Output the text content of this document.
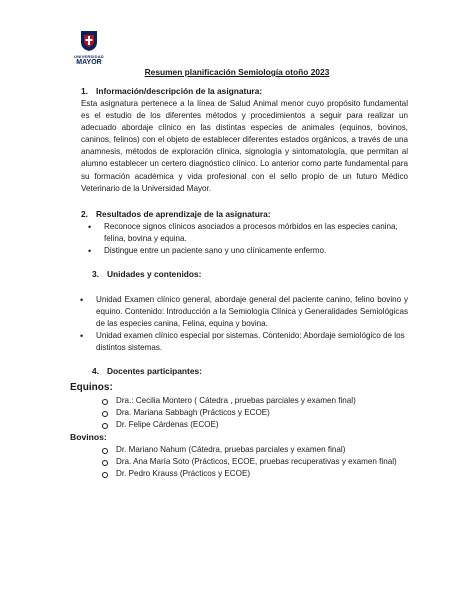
UNIVERSIDAD
MAYOR
Resumen planificación Semiología otoño 2023
1. Información/descripción de la asignatura:
Esta asignatura pertenece a la línea de Salud Animal menor cuyo propósito fundamental es el estudio de los diferentes métodos y procedimientos a seguir para realizar un adecuado abordaje clínico en las distintas especies de animales (equinos, bovinos, caninos, felinos) con el objeto de establecer diferentes estados orgánicos, a través de una anamnesis, métodos de exploración clínica, signología y sintomatología, que permitan al alumno establecer un certero diagnóstico clínico. Lo anterior como parte fundamental para su formación académica y vida profesional con el sello propio de un futuro Médico Veterinario de la Universidad Mayor.
2. Resultados de aprendizaje de la asignatura:
• Reconoce signos clínicos asociados a procesos mórbidos en las especies canina, felina, bovina y equina.
• Distingue entre un paciente sano y uno clínicamente enfermo.
3. Unidades y contenidos:
• Unidad Examen clínico general, abordaje general del paciente canino, felino bovino y equino. Contenido: Introducción a la Semiología Clínica y Generalidades Semiológicas de las especies canina, Felina, equina y bovina.
• Unidad examen clínico especial por sistemas. Contenido: Abordaje semiológico de los distintos sistemas.
4. Docentes participantes:
Equinos:
Dra.: Cecilia Montero ( Cátedra , pruebas parciales y examen final)
Dra. Mariana Sabbagh (Prácticos y ECOE)
Dr. Felipe Cárdenas (ECOE)
Bovinos:
Dr. Mariano Nahum (Cátedra, pruebas parciales y examen final)
Dra. Ana María Soto (Prácticos, ECOE, pruebas recuperativas y examen final)
Dr. Pedro Krauss (Prácticos y ECOE)
